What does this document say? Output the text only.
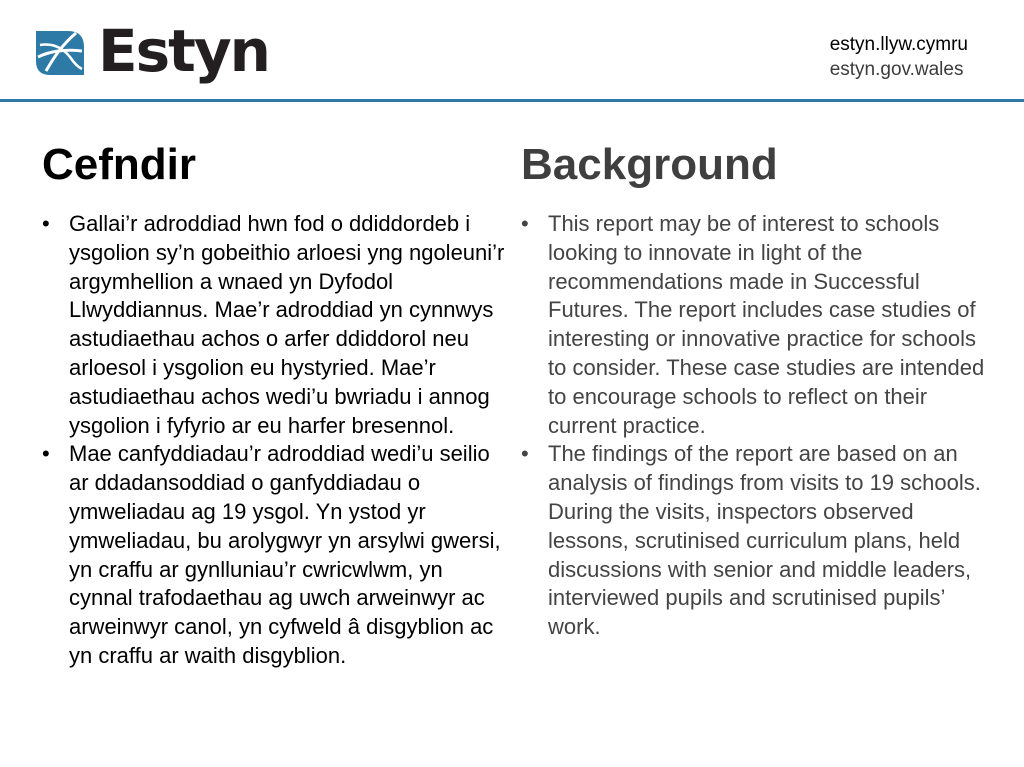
Estyn	estyn.llyw.cymru
estyn.gov.wales
Cefndir
• Gallai’r adroddiad hwn fod o ddiddordeb i ysgolion sy’n gobeithio arloesi yng ngoleuni’r argymhellion a wnaed yn Dyfodol Llwyddiannus. Mae’r adroddiad yn cynnwys astudiaethau achos o arfer ddiddorol neu arloesol i ysgolion eu hystyried. Mae’r astudiaethau achos wedi’u bwriadu i annog ysgolion i fyfyrio ar eu harfer bresennol.
• Mae canfyddiadau’r adroddiad wedi’u seilio ar ddadansoddiad o ganfyddiadau o ymweliadau ag 19 ysgol. Yn ystod yr ymweliadau, bu arolygwyr yn arsylwi gwersi, yn craffu ar gynlluniau’r cwricwlwm, yn cynnal trafodaethau ag uwch arweinwyr ac arweinwyr canol, yn cyfweld â disgyblion ac yn craffu ar waith disgyblion.
Background
• This report may be of interest to schools looking to innovate in light of the recommendations made in Successful Futures. The report includes case studies of interesting or innovative practice for schools to consider. These case studies are intended to encourage schools to reflect on their current practice.
• The findings of the report are based on an analysis of findings from visits to 19 schools. During the visits, inspectors observed lessons, scrutinised curriculum plans, held discussions with senior and middle leaders, interviewed pupils and scrutinised pupils’ work.
